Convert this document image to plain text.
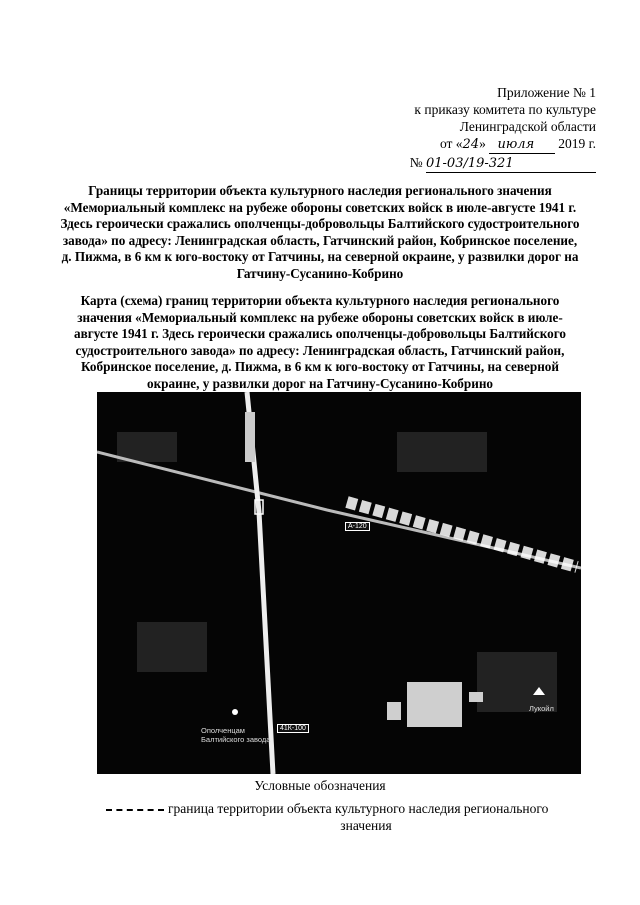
Приложение № 1
к приказу комитета по культуре
Ленинградской области
от «24» июля 2019 г.
№ 01-03/19-321
Границы территории объекта культурного наследия регионального значения «Мемориальный комплекс на рубеже обороны советских войск в июле-августе 1941 г. Здесь героически сражались ополченцы-добровольцы Балтийского судостроительного завода» по адресу: Ленинградская область, Гатчинский район, Кобринское поселение, д. Пижма, в 6 км к юго-востоку от Гатчины, на северной окраине, у развилки дорог на Гатчину-Сусанино-Кобрино
Карта (схема) границ территории объекта культурного наследия регионального значения «Мемориальный комплекс на рубеже обороны советских войск в июле-августе 1941 г. Здесь героически сражались ополченцы-добровольцы Балтийского судостроительного завода» по адресу: Ленинградская область, Гатчинский район, Кобринское поселение, д. Пижма, в 6 км к юго-востоку от Гатчины, на северной окраине, у развилки дорог на Гатчину-Сусанино-Кобрино
А-120
41К-100
Ополченцам
Балтийского завода
Лукойл
Условные обозначения
граница территории объекта культурного наследия регионального
значения
